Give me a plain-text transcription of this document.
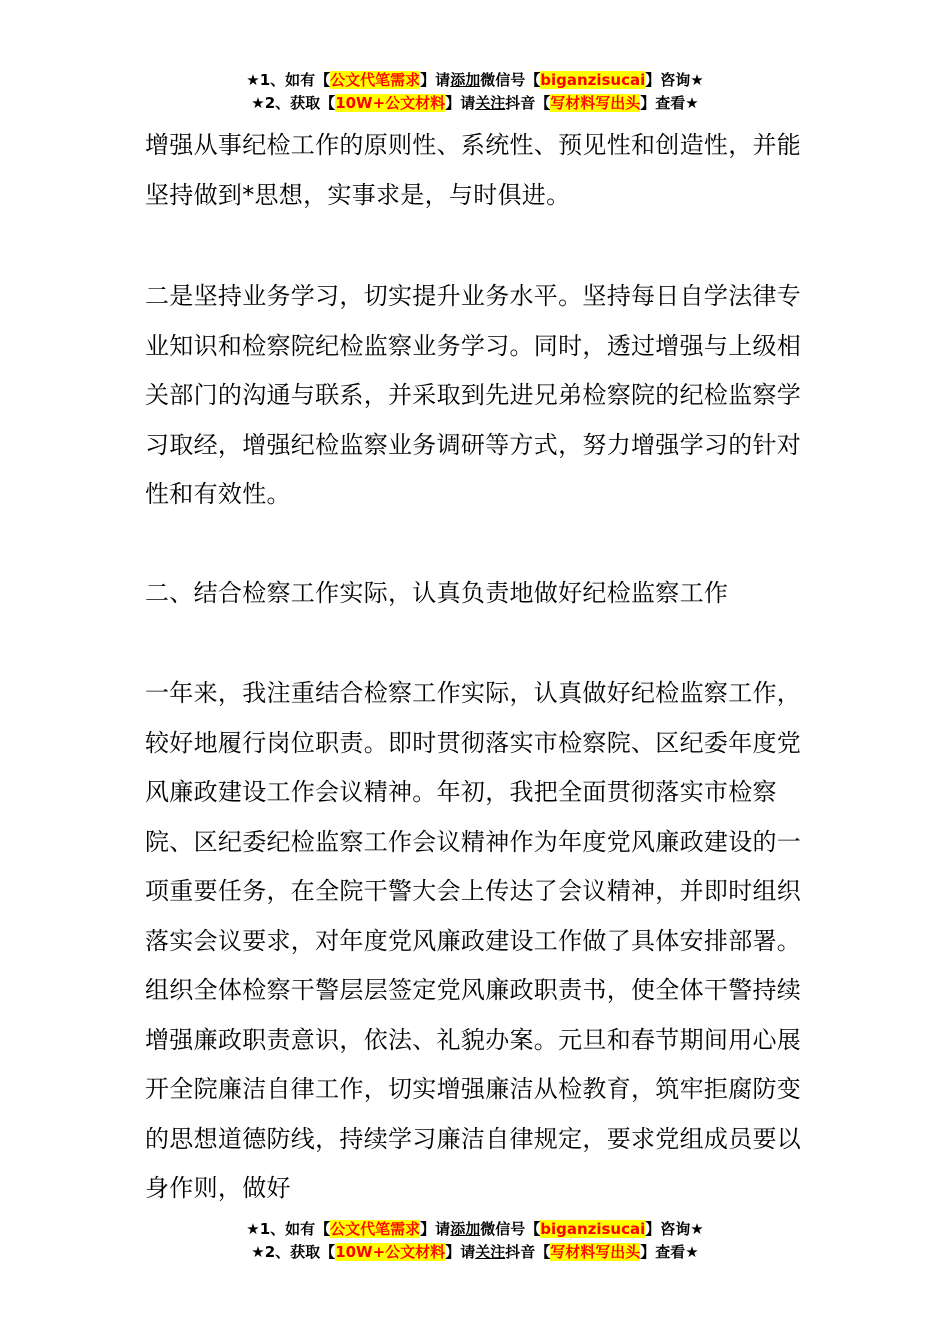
★1、如有【公文代笔需求】请添加微信号【biganzisucai】咨询★
★2、获取【10W+公文材料】请关注抖音【写材料写出头】查看★

增强从事纪检工作的原则性、系统性、预见性和创造性，并能坚持做到*思想，实事求是，与时俱进。

二是坚持业务学习，切实提升业务水平。坚持每日自学法律专业知识和检察院纪检监察业务学习。同时，透过增强与上级相关部门的沟通与联系，并采取到先进兄弟检察院的纪检监察学习取经，增强纪检监察业务调研等方式，努力增强学习的针对性和有效性。

二、结合检察工作实际，认真负责地做好纪检监察工作

一年来，我注重结合检察工作实际，认真做好纪检监察工作，较好地履行岗位职责。即时贯彻落实市检察院、区纪委年度党风廉政建设工作会议精神。年初，我把全面贯彻落实市检察院、区纪委纪检监察工作会议精神作为年度党风廉政建设的一项重要任务，在全院干警大会上传达了会议精神，并即时组织落实会议要求，对年度党风廉政建设工作做了具体安排部署。组织全体检察干警层层签定党风廉政职责书，使全体干警持续增强廉政职责意识，依法、礼貌办案。元旦和春节期间用心展开全院廉洁自律工作，切实增强廉洁从检教育，筑牢拒腐防变的思想道德防线，持续学习廉洁自律规定，要求党组成员要以身作则，做好

★1、如有【公文代笔需求】请添加微信号【biganzisucai】咨询★
★2、获取【10W+公文材料】请关注抖音【写材料写出头】查看★
